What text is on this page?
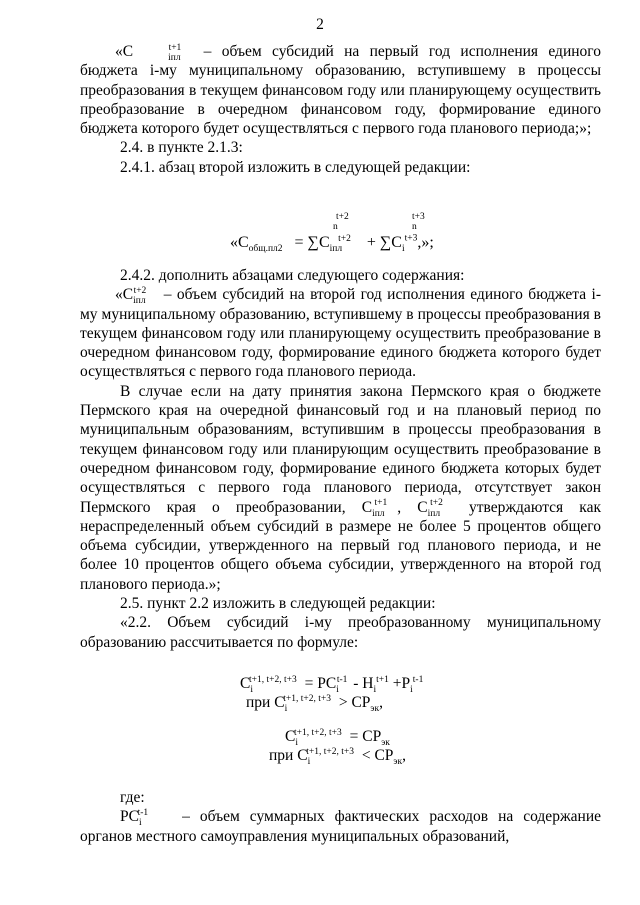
2

«C	$_{iпл}^{t+1}$ – объем субсидий на первый год исполнения единого бюджета i-му муниципальному образованию, вступившему в процессы преобразования в текущем финансовом году или планирующему осуществить преобразование в очередном финансовом году, формирование единого бюджета которого будет осуществляться с первого года планового периода;»;

2.4. в пункте 2.1.3:

2.4.1. абзац второй изложить в следующей редакции:

t+2
n
t+3
n
«$С_{общ.пл2} = \sum С_{iпл}^{t+2} + \sum С_i^{t+3}$,»;

2.4.2. дополнить абзацами следующего содержания:

«$C_{iпл}^{t+2}$ – объем субсидий на второй год исполнения единого бюджета i-му муниципальному образованию, вступившему в процессы преобразования в текущем финансовом году или планирующему осуществить преобразование в очередном финансовом году, формирование единого бюджета которого будет осуществляться с первого года планового периода.

В случае если на дату принятия закона Пермского края о бюджете Пермского края на очередной финансовый год и на плановый период по муниципальным образованиям, вступившим в процессы преобразования в текущем финансовом году или планирующим осуществить преобразование в очередном финансовом году, формирование единого бюджета которых будет осуществляться с первого года планового периода, отсутствует закон Пермского края о преобразовании, $C_{iпл}^{t+1}$ , $C_{iпл}^{t+2}$ утверждаются как нераспределенный объем субсидий в размере не более 5 процентов общего объема субсидии, утвержденного на первый год планового периода, и не более 10 процентов общего объема субсидии, утвержденного на второй год планового периода.»;

2.5. пункт 2.2 изложить в следующей редакции:

«2.2. Объем субсидий i-му преобразованному муниципальному образованию рассчитывается по формуле:

$C_i^{t+1, t+2, t+3} = PC_i^{t-1} - H_i^{t+1} +P_i^{t-1}$
при $C_i^{t+1, t+2, t+3} > CP_{эк}$,
$C_i^{t+1, t+2, t+3} = CP_{эк}$
при $C_i^{t+1, t+2, t+3} < CP_{эк}$,

где:

$PC_i^{t-1}$ – объем суммарных фактических расходов на содержание органов местного самоуправления муниципальных образований,
